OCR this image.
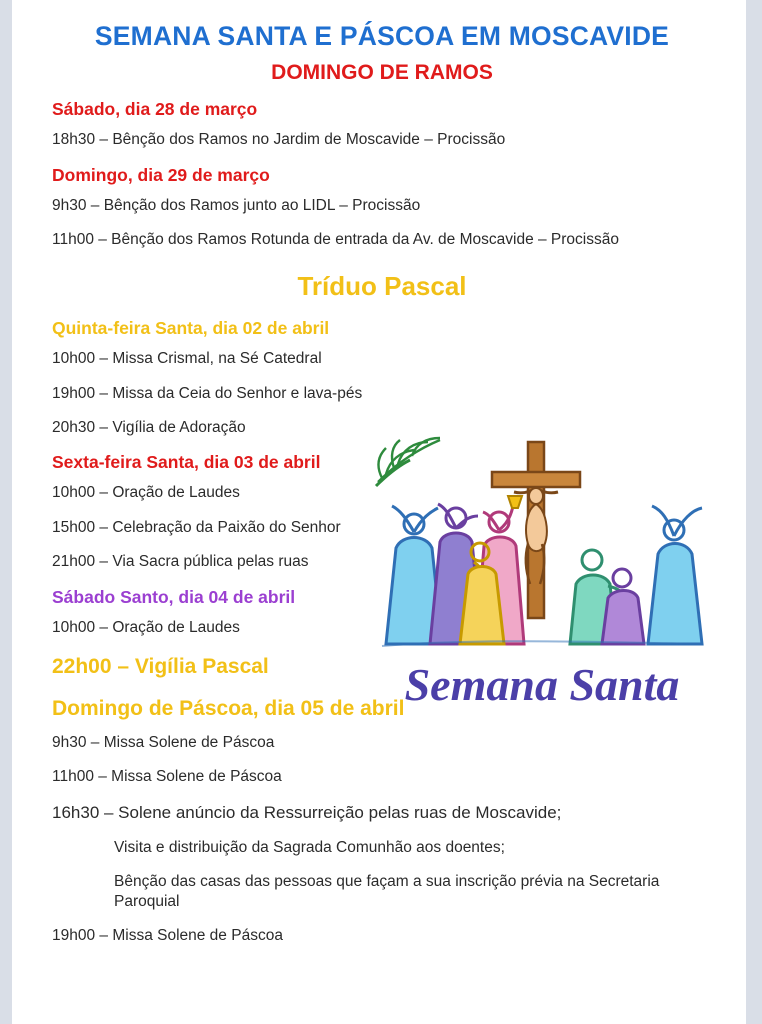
Semana Santa
SEMANA SANTA E PÁSCOA EM MOSCAVIDE
DOMINGO DE RAMOS
Sábado, dia 28 de março

18h30 – Bênção dos Ramos no Jardim de Moscavide – Procissão

Domingo, dia 29 de março

9h30 – Bênção dos Ramos junto ao LIDL – Procissão

11h00 – Bênção dos Ramos Rotunda de entrada da Av. de Moscavide – Procissão

Tríduo Pascal
Quinta-feira Santa, dia 02 de abril

10h00 – Missa Crismal, na Sé Catedral

19h00 – Missa da Ceia do Senhor e lava-pés

20h30 – Vigília de Adoração

Sexta-feira Santa, dia 03 de abril

10h00 – Oração de Laudes

15h00 – Celebração da Paixão do Senhor

21h00 – Via Sacra pública pelas ruas

Sábado Santo, dia 04 de abril

10h00 – Oração de Laudes

22h00 – Vigília Pascal
Domingo de Páscoa, dia 05 de abril

9h30 – Missa Solene de Páscoa

11h00 – Missa Solene de Páscoa

16h30 – Solene anúncio da Ressurreição pelas ruas de Moscavide;

Visita e distribuição da Sagrada Comunhão aos doentes;

Bênção das casas das pessoas que façam a sua inscrição prévia na Secretaria Paroquial

19h00 – Missa Solene de Páscoa
